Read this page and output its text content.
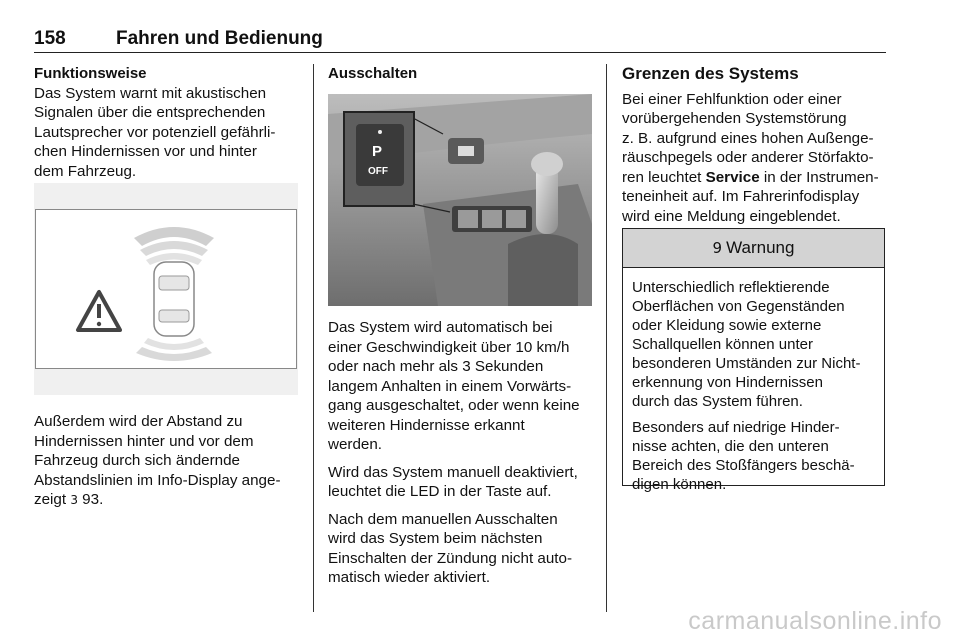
158	Fahren und Bedienung
Funktionsweise

Das System warnt mit akustischen
Signalen über die entsprechenden
Lautsprecher vor potenziell gefährli-
chen Hindernissen vor und hinter
dem Fahrzeug.

Außerdem wird der Abstand zu
Hindernissen hinter und vor dem
Fahrzeug durch sich ändernde
Abstandslinien im Info-Display ange-
zeigt 3 93.

Ausschalten
P
OFF

Das System wird automatisch bei
einer Geschwindigkeit über 10 km/h
oder nach mehr als 3 Sekunden
langem Anhalten in einem Vorwärts-
gang ausgeschaltet, oder wenn keine
weiteren Hindernisse erkannt
werden.

Wird das System manuell deaktiviert,
leuchtet die LED in der Taste auf.

Nach dem manuellen Ausschalten
wird das System beim nächsten
Einschalten der Zündung nicht auto-
matisch wieder aktiviert.

Grenzen des Systems

Bei einer Fehlfunktion oder einer
vorübergehenden Systemstörung
z. B. aufgrund eines hohen Außenge-
räuschpegels oder anderer Störfakto-
ren leuchtet Service in der Instrumen-
teneinheit auf. Im Fahrerinfodisplay
wird eine Meldung eingeblendet.

9 Warnung

Unterschiedlich reflektierende
Oberflächen von Gegenständen
oder Kleidung sowie externe
Schallquellen können unter
besonderen Umständen zur Nicht-
erkennung von Hindernissen
durch das System führen.

Besonders auf niedrige Hinder-
nisse achten, die den unteren
Bereich des Stoßfängers beschä-
digen können.

carmanualsonline.info
